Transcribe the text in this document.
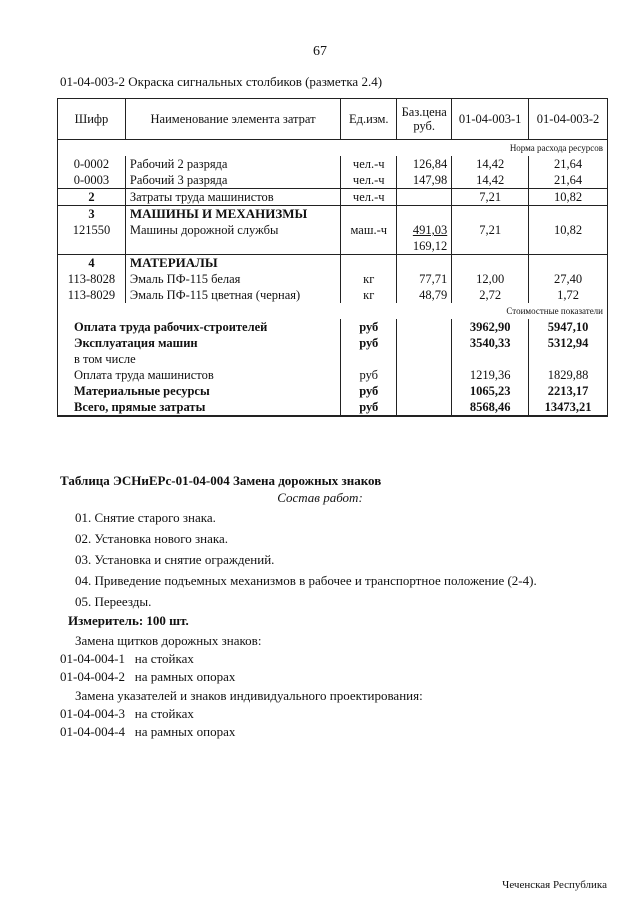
67
01-04-003-2 Окраска сигнальных столбиков (разметка 2.4)
Шифр	Наименование элемента затрат	Ед.изм.	Баз.цена руб.	01-04-003-1	01-04-003-2
Норма расхода ресурсов					
0-0002	Рабочий 2 разряда	чел.-ч	126,84	14,42	21,64
0-0003	Рабочий 3 разряда	чел.-ч	147,98	14,42	21,64
2	Затраты труда машинистов	чел.-ч		7,21	10,82
3	МАШИНЫ И МЕХАНИЗМЫ				
121550	Машины дорожной службы	маш.-ч	491,03	7,21	10,82
			169,12		
4	МАТЕРИАЛЫ				
113-8028	Эмаль ПФ-115 белая	кг	77,71	12,00	27,40
113-8029	Эмаль ПФ-115 цветная (черная)	кг	48,79	2,72	1,72
Стоимостные показатели					
Оплата труда рабочих-строителей		руб		3962,90	5947,10
Эксплуатация машин		руб		3540,33	5312,94
в том числе					
Оплата труда машинистов		руб		1219,36	1829,88
Материальные ресурсы		руб		1065,23	2213,17
Всего, прямые затраты		руб		8568,46	13473,21
Таблица ЭСНиЕРс-01-04-004 Замена дорожных знаков
Состав работ:
01. Снятие старого знака.
02. Установка нового знака.
03. Установка и снятие ограждений.
04. Приведение подъемных механизмов в рабочее и транспортное положение (2-4).
05. Переезды.
Измеритель: 100 шт.
Замена щитков дорожных знаков:
01-04-004-1 на стойках
01-04-004-2 на рамных опорах
Замена указателей и знаков индивидуального проектирования:
01-04-004-3 на стойках
01-04-004-4 на рамных опорах
Чеченская Республика
